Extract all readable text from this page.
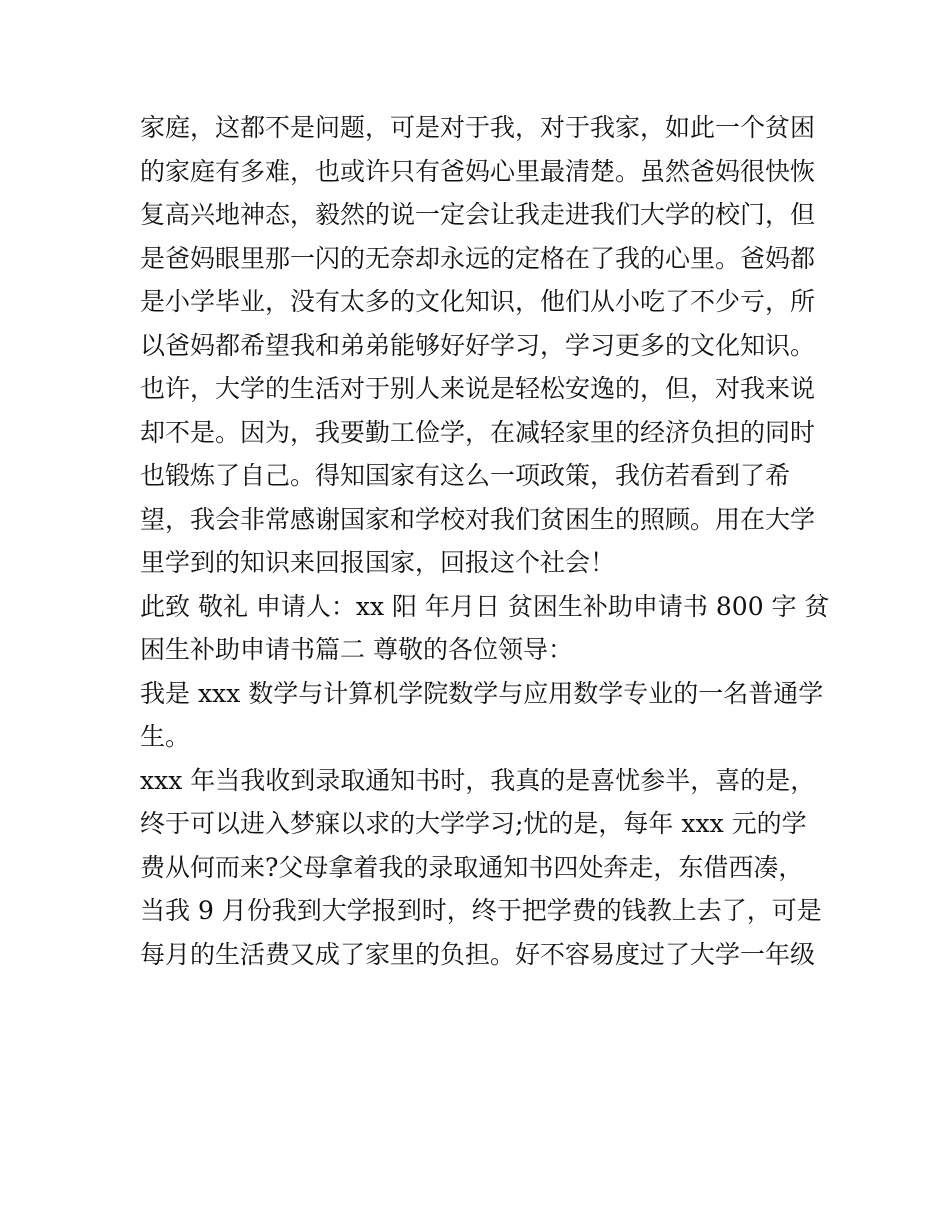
家庭，这都不是问题，可是对于我，对于我家，如此一个贫困
的家庭有多难，也或许只有爸妈心里最清楚。虽然爸妈很快恢
复高兴地神态，毅然的说一定会让我走进我们大学的校门，但
是爸妈眼里那一闪的无奈却永远的定格在了我的心里。爸妈都
是小学毕业，没有太多的文化知识，他们从小吃了不少亏，所
以爸妈都希望我和弟弟能够好好学习，学习更多的文化知识。
也许，大学的生活对于别人来说是轻松安逸的，但，对我来说
却不是。因为，我要勤工俭学，在减轻家里的经济负担的同时
也锻炼了自己。得知国家有这么一项政策，我仿若看到了希
望，我会非常感谢国家和学校对我们贫困生的照顾。用在大学
里学到的知识来回报国家，回报这个社会！
此致 敬礼 申请人：xx 阳 年月日 贫困生补助申请书 800 字 贫
困生补助申请书篇二 尊敬的各位领导：
我是 xxx 数学与计算机学院数学与应用数学专业的一名普通学
生。
xxx 年当我收到录取通知书时，我真的是喜忧参半，喜的是，
终于可以进入梦寐以求的大学学习;忧的是，每年 xxx 元的学
费从何而来?父母拿着我的录取通知书四处奔走，东借西凑，
当我 9 月份我到大学报到时，终于把学费的钱教上去了，可是
每月的生活费又成了家里的负担。好不容易度过了大学一年级
